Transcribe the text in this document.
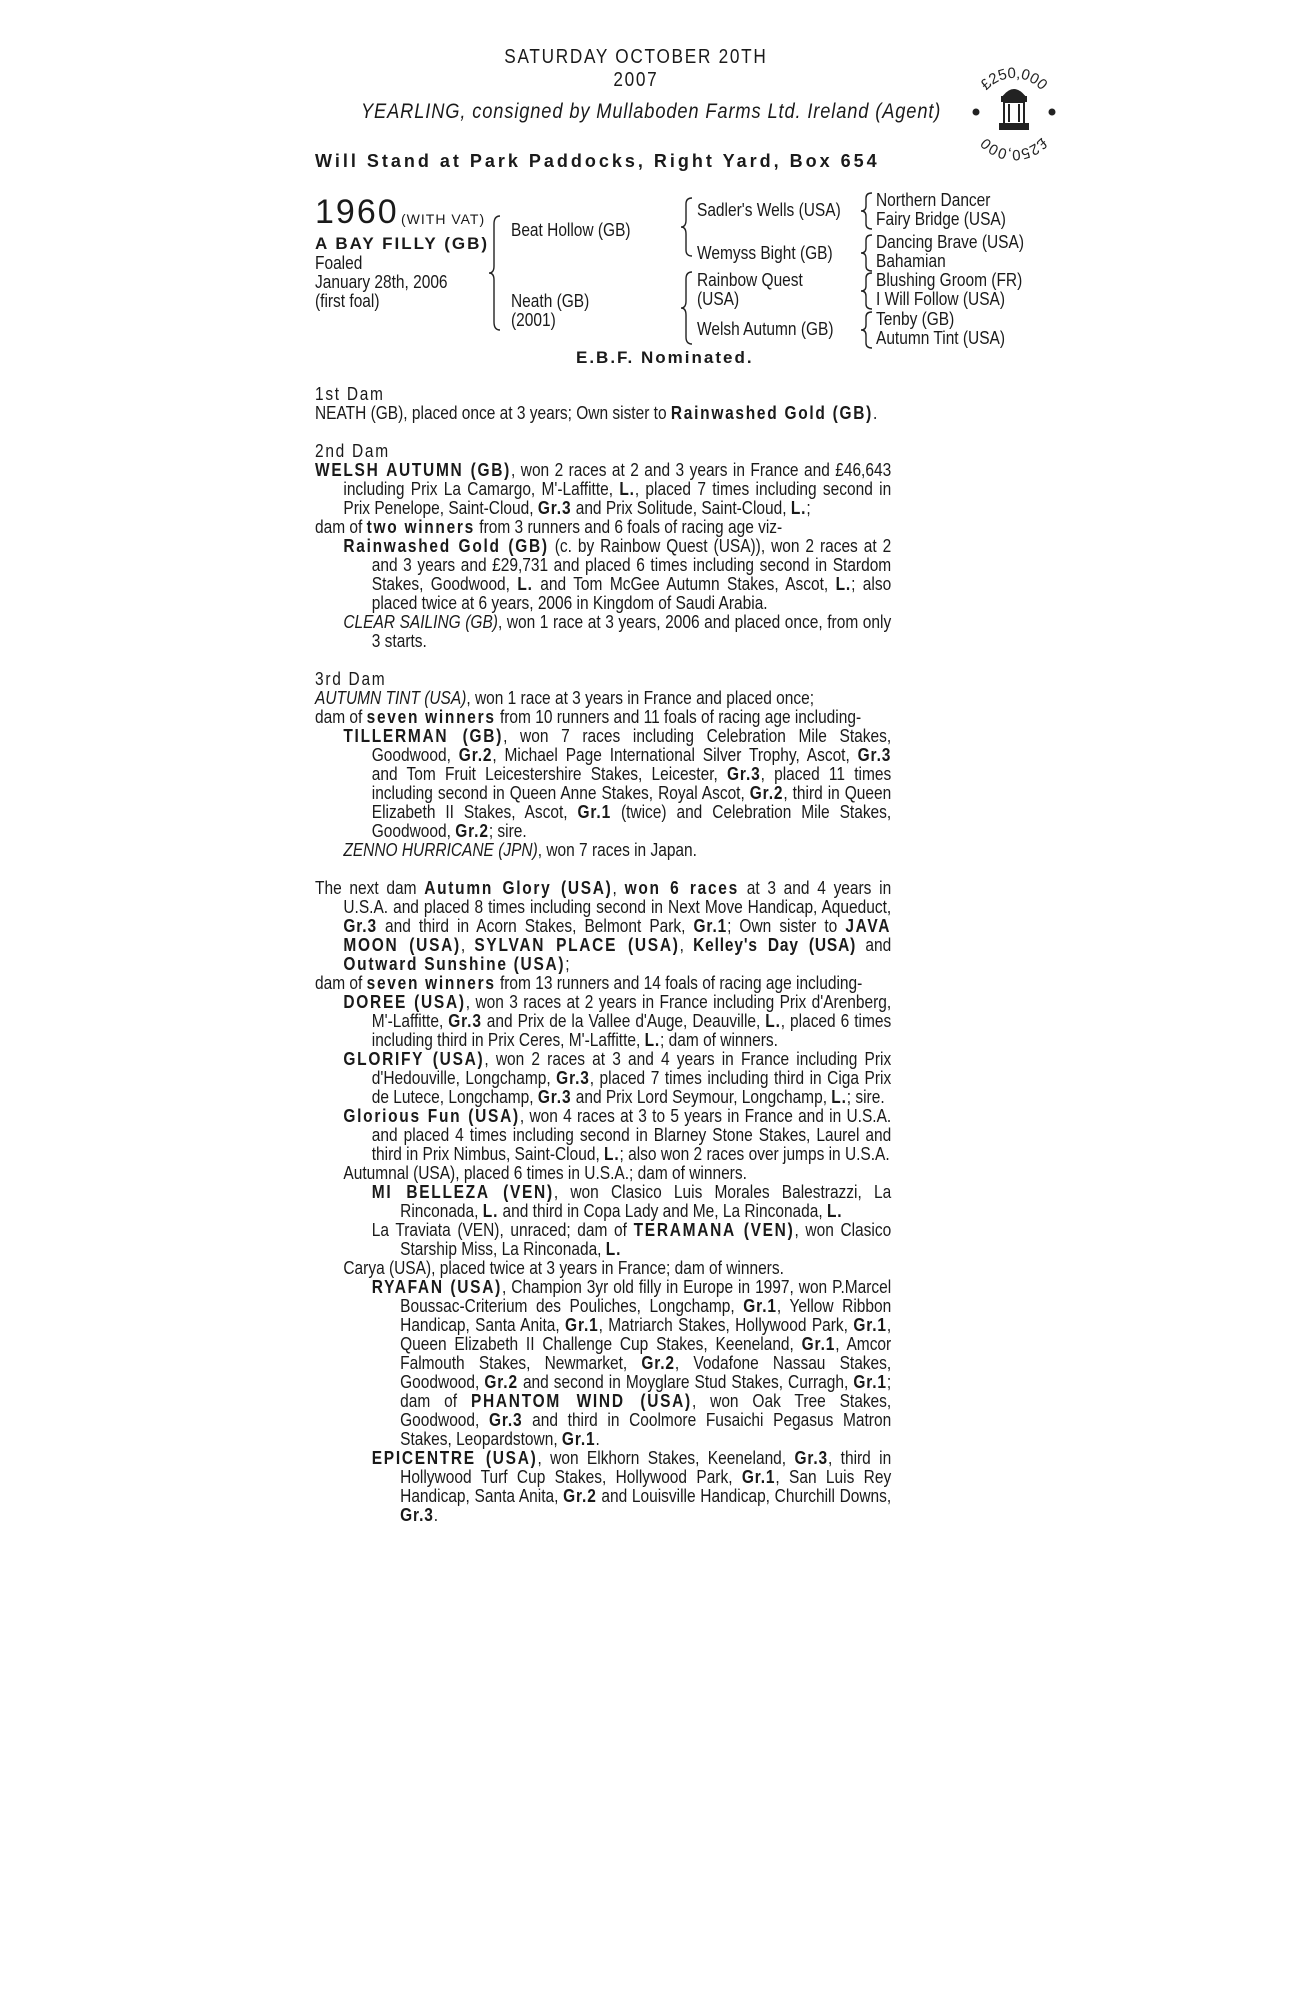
SATURDAY OCTOBER 20TH 2007
YEARLING, consigned by Mullaboden Farms Ltd. Ireland (Agent)
Will Stand at Park Paddocks, Right Yard, Box 654
£250,000
£250,000
1960 (WITH VAT)
A BAY FILLY (GB)
Foaled
January 28th, 2006
(first foal)
Beat Hollow (GB)
Neath (GB)
(2001)
Sadler's Wells (USA)
Wemyss Bight (GB)
Rainbow Quest
(USA)
Welsh Autumn (GB)
Northern Dancer
Fairy Bridge (USA)
Dancing Brave (USA)
Bahamian
Blushing Groom (FR)
I Will Follow (USA)
Tenby (GB)
Autumn Tint (USA)
E.B.F. Nominated.
1st Dam
NEATH (GB), placed once at 3 years; Own sister to Rainwashed Gold (GB).
2nd Dam
WELSH AUTUMN (GB), won 2 races at 2 and 3 years in France and £46,643 including Prix La Camargo, M'-Laffitte, L., placed 7 times including second in Prix Penelope, Saint-Cloud, Gr.3 and Prix Solitude, Saint-Cloud, L.;
dam of two winners from 3 runners and 6 foals of racing age viz-
Rainwashed Gold (GB) (c. by Rainbow Quest (USA)), won 2 races at 2 and 3 years and £29,731 and placed 6 times including second in Stardom Stakes, Goodwood, L. and Tom McGee Autumn Stakes, Ascot, L.; also placed twice at 6 years, 2006 in Kingdom of Saudi Arabia.
CLEAR SAILING (GB), won 1 race at 3 years, 2006 and placed once, from only 3 starts.
3rd Dam
AUTUMN TINT (USA), won 1 race at 3 years in France and placed once;
dam of seven winners from 10 runners and 11 foals of racing age including-
TILLERMAN (GB), won 7 races including Celebration Mile Stakes, Goodwood, Gr.2, Michael Page International Silver Trophy, Ascot, Gr.3 and Tom Fruit Leicestershire Stakes, Leicester, Gr.3, placed 11 times including second in Queen Anne Stakes, Royal Ascot, Gr.2, third in Queen Elizabeth II Stakes, Ascot, Gr.1 (twice) and Celebration Mile Stakes, Goodwood, Gr.2; sire.
ZENNO HURRICANE (JPN), won 7 races in Japan.
The next dam Autumn Glory (USA), won 6 races at 3 and 4 years in U.S.A. and placed 8 times including second in Next Move Handicap, Aqueduct, Gr.3 and third in Acorn Stakes, Belmont Park, Gr.1; Own sister to JAVA MOON (USA), SYLVAN PLACE (USA), Kelley's Day (USA) and Outward Sunshine (USA);
dam of seven winners from 13 runners and 14 foals of racing age including-
DOREE (USA), won 3 races at 2 years in France including Prix d'Arenberg, M'-Laffitte, Gr.3 and Prix de la Vallee d'Auge, Deauville, L., placed 6 times including third in Prix Ceres, M'-Laffitte, L.; dam of winners.
GLORIFY (USA), won 2 races at 3 and 4 years in France including Prix d'Hedouville, Longchamp, Gr.3, placed 7 times including third in Ciga Prix de Lutece, Longchamp, Gr.3 and Prix Lord Seymour, Longchamp, L.; sire.
Glorious Fun (USA), won 4 races at 3 to 5 years in France and in U.S.A. and placed 4 times including second in Blarney Stone Stakes, Laurel and third in Prix Nimbus, Saint-Cloud, L.; also won 2 races over jumps in U.S.A.
Autumnal (USA), placed 6 times in U.S.A.; dam of winners.
MI BELLEZA (VEN), won Clasico Luis Morales Balestrazzi, La Rinconada, L. and third in Copa Lady and Me, La Rinconada, L.
La Traviata (VEN), unraced; dam of TERAMANA (VEN), won Clasico Starship Miss, La Rinconada, L.
Carya (USA), placed twice at 3 years in France; dam of winners.
RYAFAN (USA), Champion 3yr old filly in Europe in 1997, won P.Marcel Boussac-Criterium des Pouliches, Longchamp, Gr.1, Yellow Ribbon Handicap, Santa Anita, Gr.1, Matriarch Stakes, Hollywood Park, Gr.1, Queen Elizabeth II Challenge Cup Stakes, Keeneland, Gr.1, Amcor Falmouth Stakes, Newmarket, Gr.2, Vodafone Nassau Stakes, Goodwood, Gr.2 and second in Moyglare Stud Stakes, Curragh, Gr.1; dam of PHANTOM WIND (USA), won Oak Tree Stakes, Goodwood, Gr.3 and third in Coolmore Fusaichi Pegasus Matron Stakes, Leopardstown, Gr.1.
EPICENTRE (USA), won Elkhorn Stakes, Keeneland, Gr.3, third in Hollywood Turf Cup Stakes, Hollywood Park, Gr.1, San Luis Rey Handicap, Santa Anita, Gr.2 and Louisville Handicap, Churchill Downs, Gr.3.
